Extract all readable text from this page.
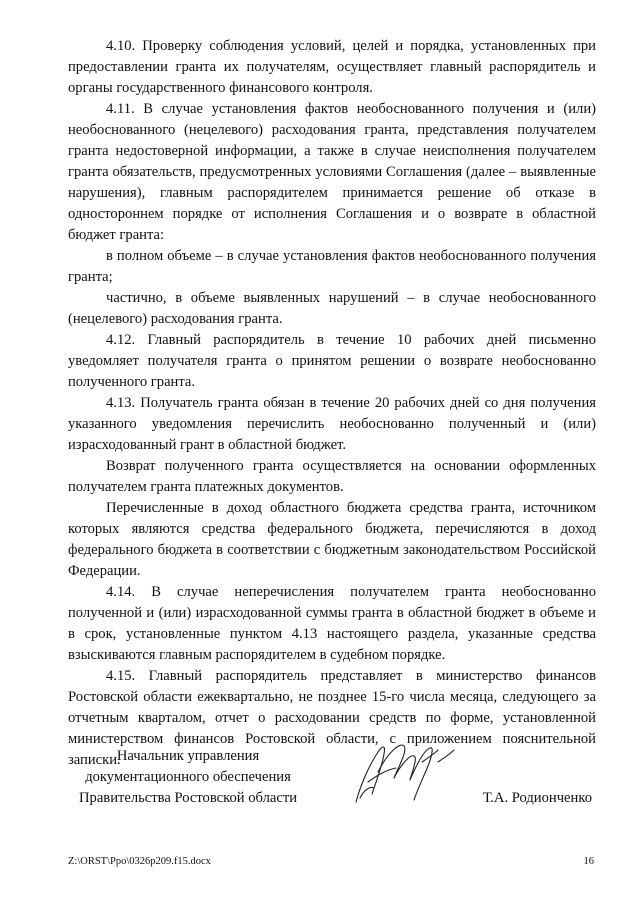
4.10. Проверку соблюдения условий, целей и порядка, установленных при предоставлении гранта их получателям, осуществляет главный распорядитель и органы государственного финансового контроля.

4.11. В случае установления фактов необоснованного получения и (или) необоснованного (нецелевого) расходования гранта, представления получателем гранта недостоверной информации, а также в случае неисполнения получателем гранта обязательств, предусмотренных условиями Соглашения (далее – выявленные нарушения), главным распорядителем принимается решение об отказе в одностороннем порядке от исполнения Соглашения и о возврате в областной бюджет гранта:

в полном объеме – в случае установления фактов необоснованного получения гранта;

частично, в объеме выявленных нарушений – в случае необоснованного (нецелевого) расходования гранта.

4.12. Главный распорядитель в течение 10 рабочих дней письменно уведомляет получателя гранта о принятом решении о возврате необоснованно полученного гранта.

4.13. Получатель гранта обязан в течение 20 рабочих дней со дня получения указанного уведомления перечислить необоснованно полученный и (или) израсходованный грант в областной бюджет.

Возврат полученного гранта осуществляется на основании оформленных получателем гранта платежных документов.

Перечисленные в доход областного бюджета средства гранта, источником которых являются средства федерального бюджета, перечисляются в доход федерального бюджета в соответствии с бюджетным законодательством Российской Федерации.

4.14. В случае неперечисления получателем гранта необоснованно полученной и (или) израсходованной суммы гранта в областной бюджет в объеме и в срок, установленные пунктом 4.13 настоящего раздела, указанные средства взыскиваются главным распорядителем в судебном порядке.

4.15. Главный распорядитель представляет в министерство финансов Ростовской области ежеквартально, не позднее 15-го числа месяца, следующего за отчетным кварталом, отчет о расходовании средств по форме, установленной министерством финансов Ростовской области, с приложением пояснительной записки.

Начальник управления
документационного обеспечения
Правительства Ростовской области	Т.А. Родионченко
Z:\ORST\Ppo\0326p209.f15.docx	16
